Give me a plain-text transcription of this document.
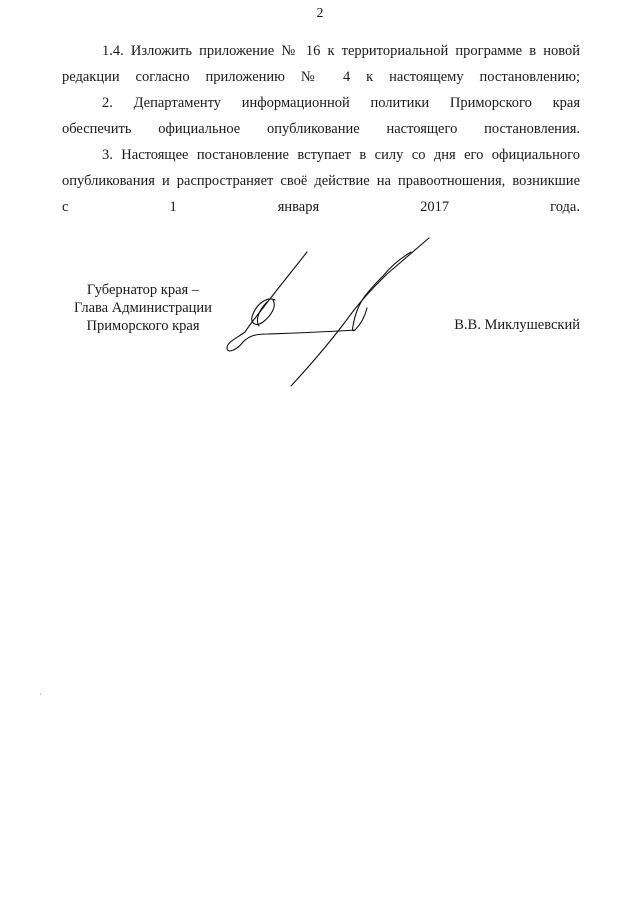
2

1.4. Изложить приложение № 16 к территориальной программе в новой
редакции согласно приложению № 4 к настоящему постановлению;

2. Департаменту информационной политики Приморского края
обеспечить официальное опубликование настоящего постановления.

3. Настоящее постановление вступает в силу со дня его официального
опубликования и распространяет своё действие на правоотношения, возникшие
с 1 января 2017 года.

Губернатор края –
Глава Администрации
Приморского края	В.В. Миклушевский
